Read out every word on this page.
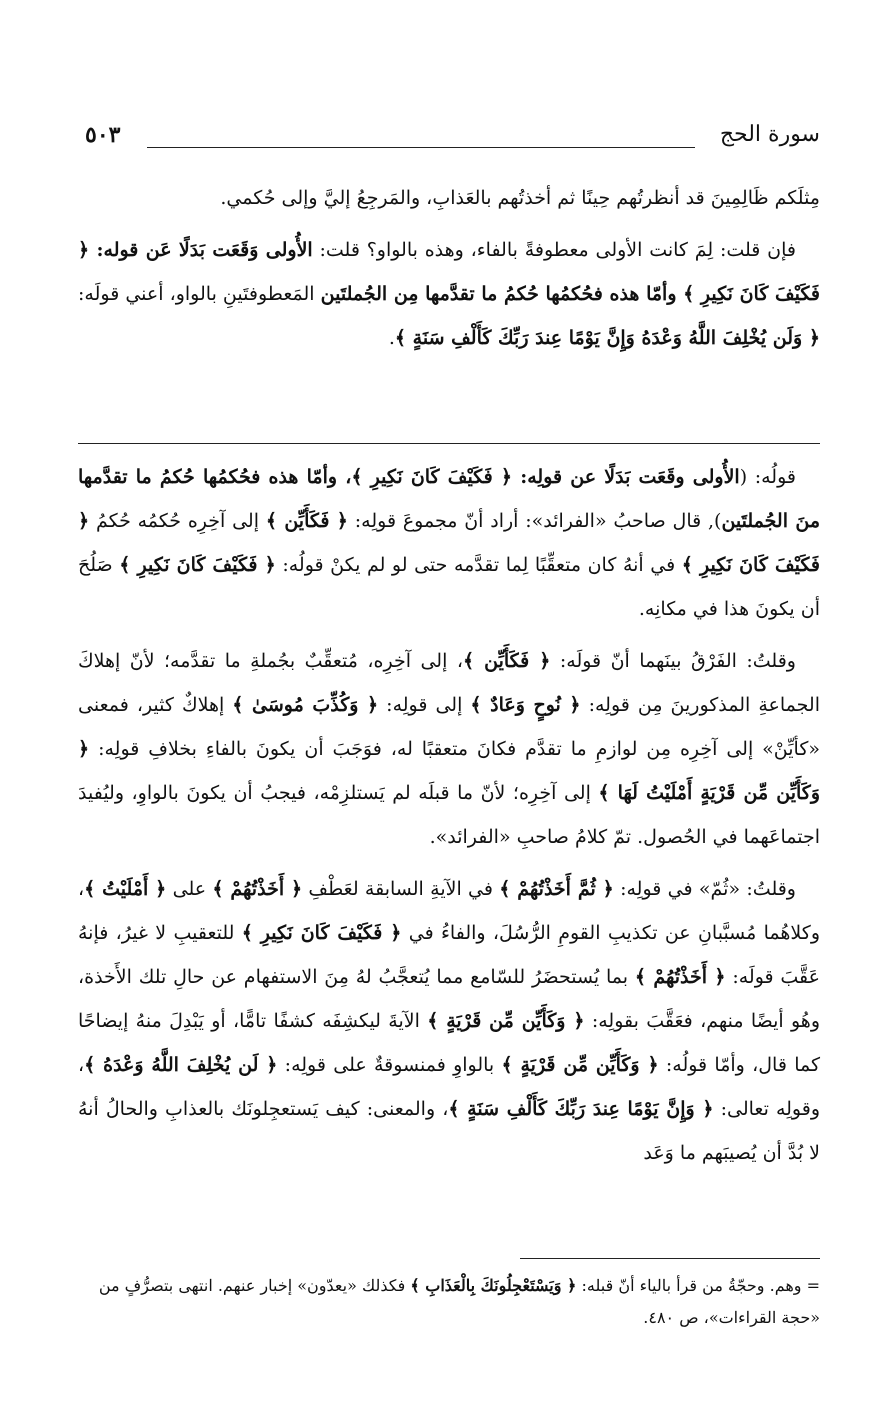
٥٠٣	سورة الحج

مِثلَكم ظَالِمِينَ قد أنظرتُهم حِينًا ثم أخذتُهم بالعَذابِ، والمَرجِعُ إليَّ وإلى حُكمي.

فإن قلت: لِمَ كانت الأولى معطوفةً بالفاء، وهذه بالواو؟ قلت: الأُولى وَقَعَت بَدَلًا عَن قوله: ﴿ فَكَيْفَ كَانَ نَكِيرِ ﴾ وأمّا هذه فحُكمُها حُكمُ ما تقدَّمها مِن الجُملتَين المَعطوفتَينِ بالواو، أعني قولَه: ﴿ وَلَن يُخْلِفَ اللَّهُ وَعْدَهُ وَإِنَّ يَوْمًا عِندَ رَبِّكَ كَأَلْفِ سَنَةٍ ﴾.

قولُه: (الأُولى وقَعَت بَدَلًا عن قولِه: ﴿ فَكَيْفَ كَانَ نَكِيرِ ﴾، وأمّا هذه فحُكمُها حُكمُ ما تقدَّمها منَ الجُملتَين), قال صاحبُ «الفرائد»: أراد أنّ مجموعَ قولِه: ﴿ فَكَأَيِّن ﴾ إلى آخِرِه حُكمُه حُكمُ ﴿ فَكَيْفَ كَانَ نَكِيرِ ﴾ في أنهُ كان متعقِّبًا لِما تقدَّمه حتى لو لم يكنْ قولُه: ﴿ فَكَيْفَ كَانَ نَكِيرِ ﴾ صَلُحَ أن يكونَ هذا في مكانِه.

وقلتُ: الفَرْقُ بينَهما أنّ قولَه: ﴿ فَكَأَيِّن ﴾، إلى آخِرِه، مُتعقِّبٌ بجُملةِ ما تقدَّمه؛ لأنّ إهلاكَ الجماعةِ المذكورينَ مِن قولِه: ﴿ نُوحٍ وَعَادٌ ﴾ إلى قولِه: ﴿ وَكُذِّبَ مُوسَىٰ ﴾ إهلاكٌ كثير، فمعنى «كأيِّنْ» إلى آخِرِه مِن لوازمِ ما تقدَّم فكانَ متعقبًا له، فوَجَبَ أن يكونَ بالفاءِ بخلافِ قولِه: ﴿ وَكَأَيِّن مِّن قَرْيَةٍ أَمْلَيْتُ لَهَا ﴾ إلى آخِرِه؛ لأنّ ما قبلَه لم يَستلزِمْه، فيجبُ أن يكونَ بالواوِ، وليُفيدَ اجتماعَهما في الحُصول. تمّ كلامُ صاحبِ «الفرائد».

وقلتُ: «ثُمّ» في قولِه: ﴿ ثُمَّ أَخَذْتُهُمْ ﴾ في الآيةِ السابقة لعَطْفِ ﴿ أَخَذْتُهُمْ ﴾ على ﴿ أَمْلَيْتُ ﴾، وكلاهُما مُسبَّبانِ عن تكذيبِ القومِ الرُّسُلَ، والفاءُ في ﴿ فَكَيْفَ كَانَ نَكِيرِ ﴾ للتعقيبِ لا غيرُ، فإنهُ عَقَّبَ قولَه: ﴿ أَخَذْتُهُمْ ﴾ بما يُستحضَرُ للسّامع مما يُتعجَّبُ لهُ مِنَ الاستفهام عن حالِ تلك الأَخذة، وهُو أيضًا منهم، فعَقَّبَ بقولِه: ﴿ وَكَأَيِّن مِّن قَرْيَةٍ ﴾ الآيةَ ليكشِفَه كشفًا تامًّا، أو يَبْدِلَ منهُ إيضاحًا كما قال، وأمّا قولُه: ﴿ وَكَأَيِّن مِّن قَرْيَةٍ ﴾ بالواوِ فمنسوقةٌ على قولِه: ﴿ لَن يُخْلِفَ اللَّهُ وَعْدَهُ ﴾، وقولِه تعالى: ﴿ وَإِنَّ يَوْمًا عِندَ رَبِّكَ كَأَلْفِ سَنَةٍ ﴾، والمعنى: كيف يَستعجِلونَك بالعذابِ والحالُ أنهُ لا بُدَّ أن يُصيبَهم ما وَعَد

= وهم. وحجّةُ من قرأ بالياء أنّ قبله: ﴿ وَيَسْتَعْجِلُونَكَ بِالْعَذَابِ ﴾ فكذلك «يعدّون» إخبار عنهم. انتهى بتصرُّفٍ من «حجة القراءات»، ص ٤٨٠.
